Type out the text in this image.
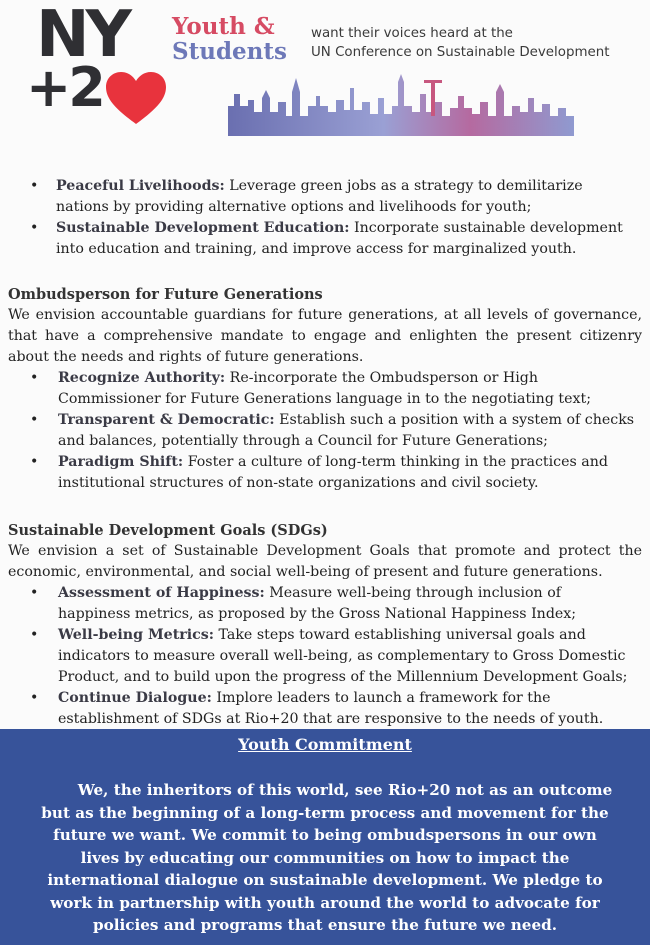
NY
+2
Youth &
Students
want their voices heard at the
UN Conference on Sustainable Development
•	Peaceful Livelihoods: Leverage green jobs as a strategy to demilitarize
nations by providing alternative options and livelihoods for youth;
•	Sustainable Development Education: Incorporate sustainable development
into education and training, and improve access for marginalized youth.
Ombudsperson for Future Generations
We envision accountable guardians for future generations, at all levels of governance, that have a comprehensive mandate to engage and enlighten the present citizenry about the needs and rights of future generations.
•	Recognize Authority: Re-incorporate the Ombudsperson or High
Commissioner for Future Generations language in to the negotiating text;
•	Transparent & Democratic: Establish such a position with a system of checks
and balances, potentially through a Council for Future Generations;
•	Paradigm Shift: Foster a culture of long-term thinking in the practices and
institutional structures of non-state organizations and civil society.
Sustainable Development Goals (SDGs)
We envision a set of Sustainable Development Goals that promote and protect the economic, environmental, and social well-being of present and future generations.
•	Assessment of Happiness: Measure well-being through inclusion of
happiness metrics, as proposed by the Gross National Happiness Index;
•	Well-being Metrics: Take steps toward establishing universal goals and
indicators to measure overall well-being, as complementary to Gross Domestic
Product, and to build upon the progress of the Millennium Development Goals;
•	Continue Dialogue: Implore leaders to launch a framework for the
establishment of SDGs at Rio+20 that are responsive to the needs of youth.
Youth Commitment
We, the inheritors of this world, see Rio+20 not as an outcome
but as the beginning of a long-term process and movement for the
future we want. We commit to being ombudspersons in our own
lives by educating our communities on how to impact the
international dialogue on sustainable development. We pledge to
work in partnership with youth around the world to advocate for
policies and programs that ensure the future we need.
